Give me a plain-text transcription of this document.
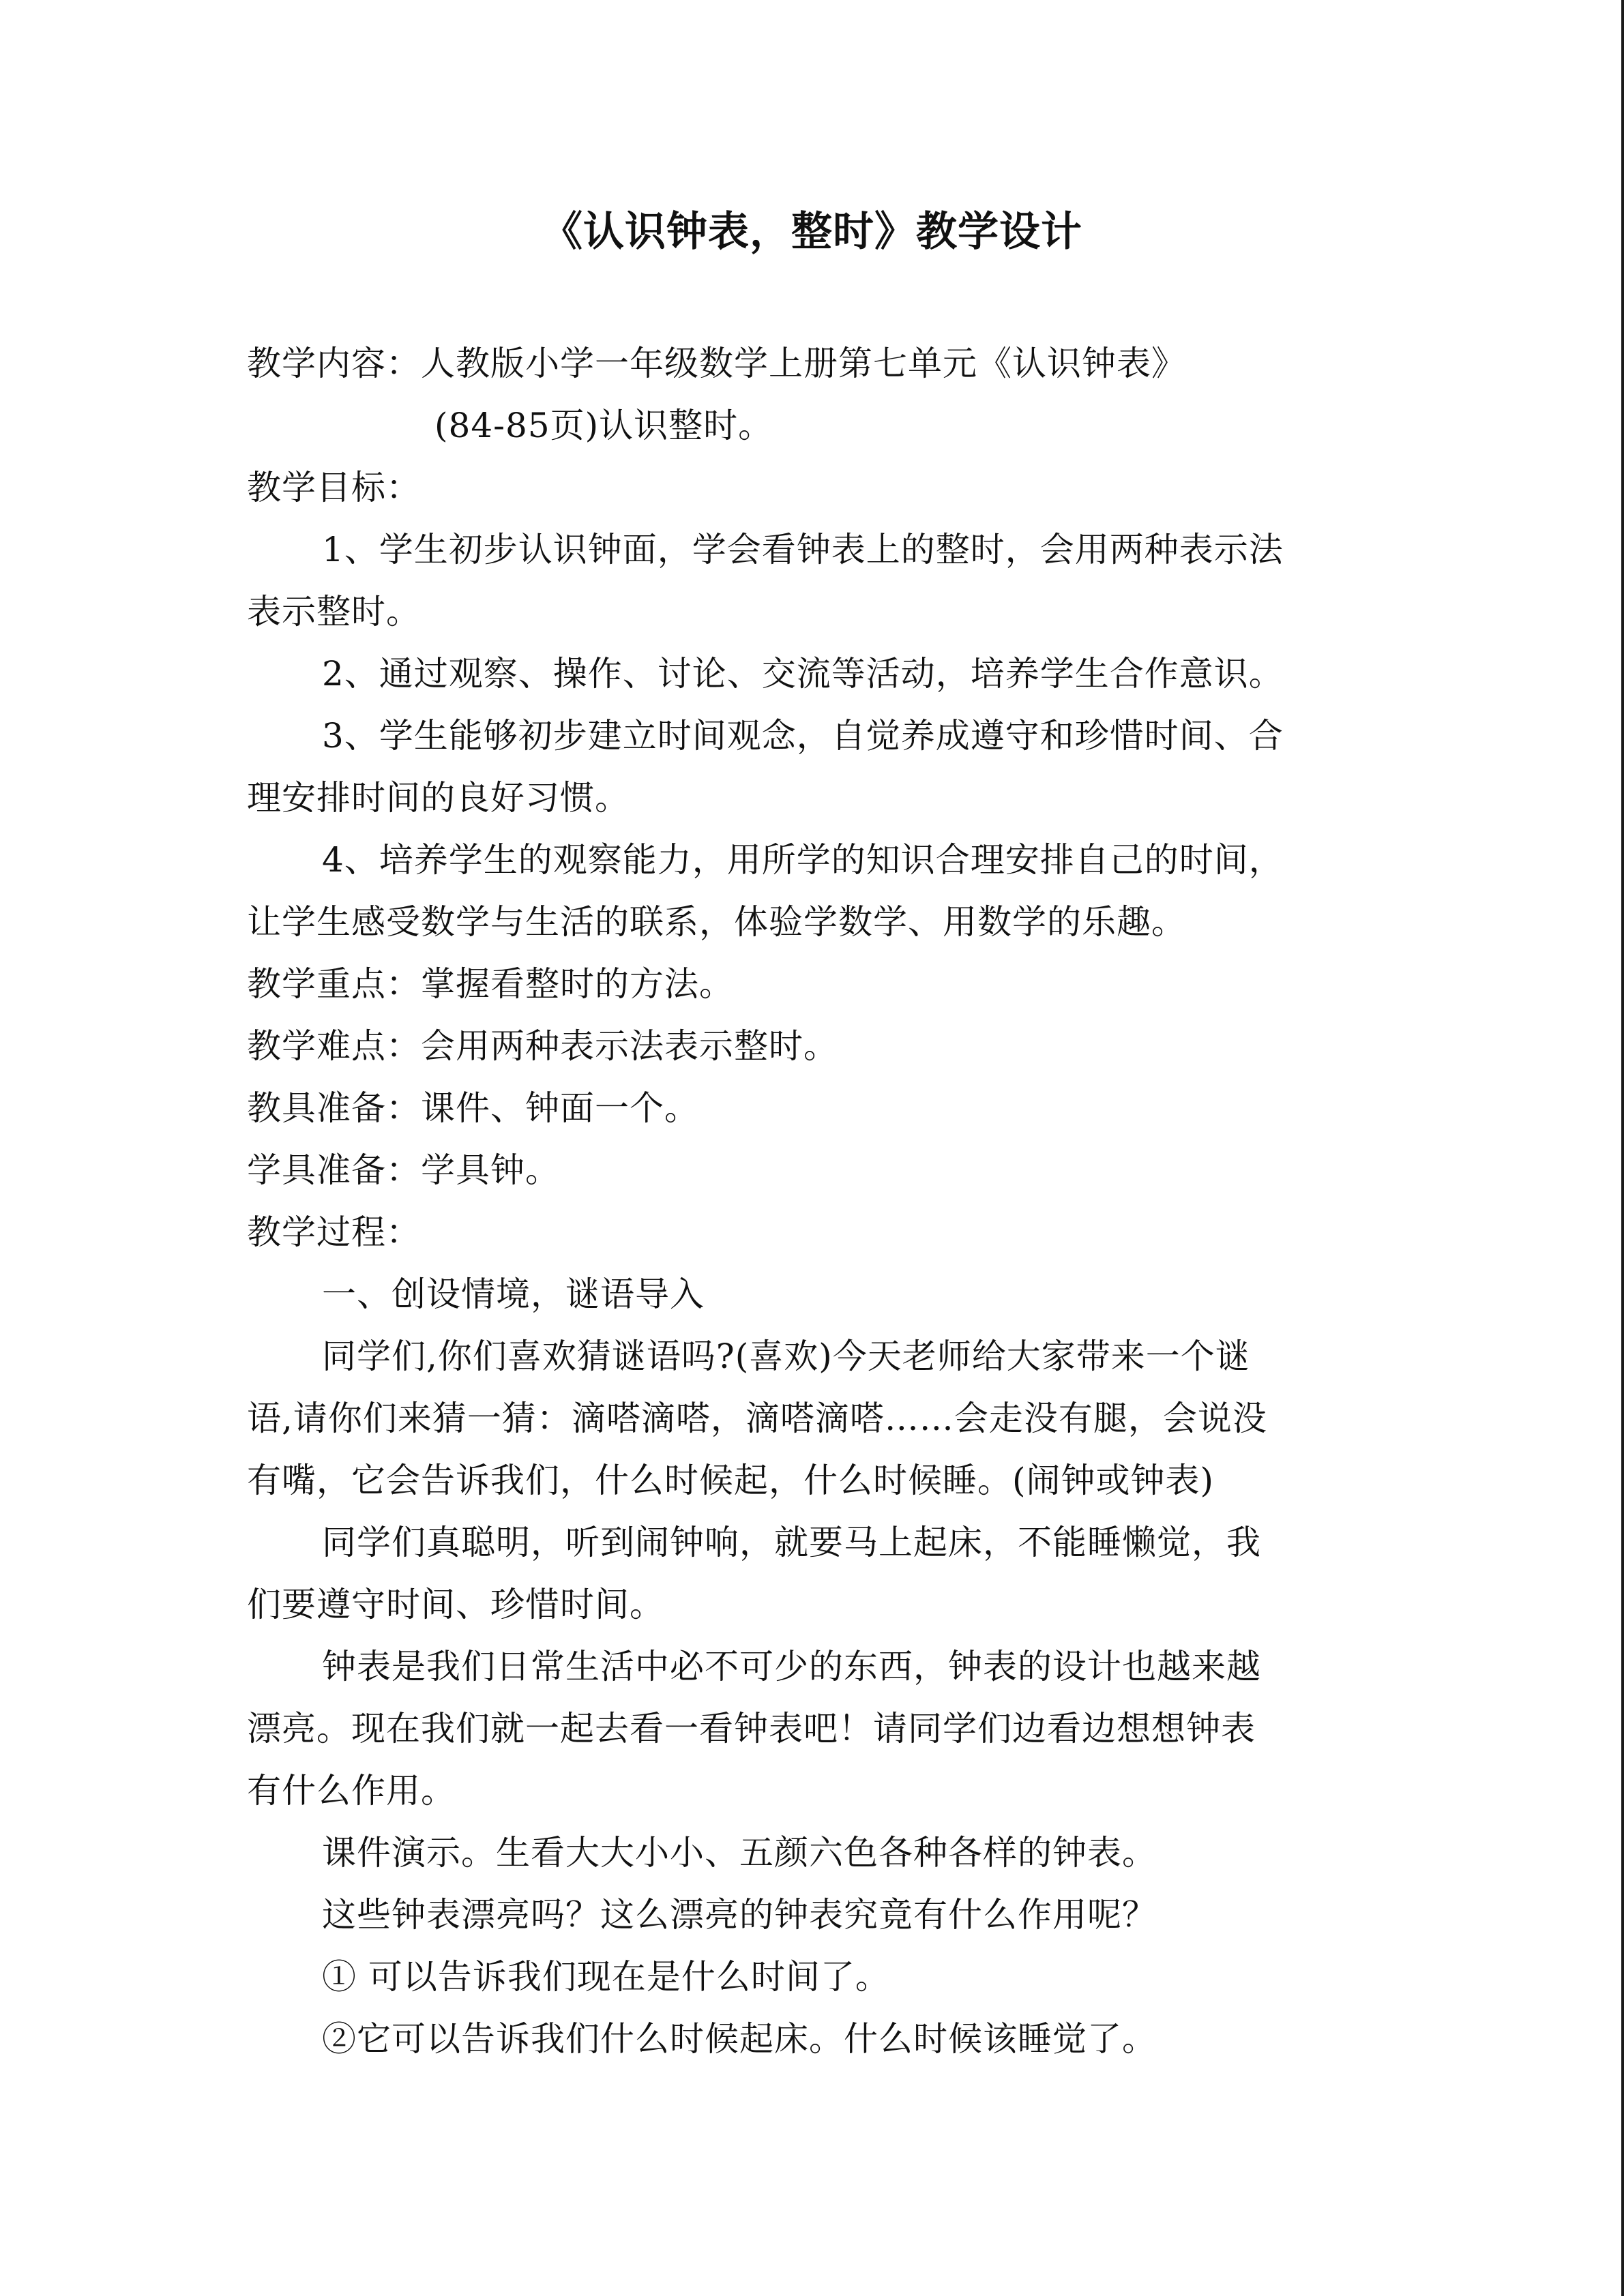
《认识钟表，整时》教学设计
教学内容：人教版小学一年级数学上册第七单元《认识钟表》
(84-85页)认识整时。
教学目标：
1、学生初步认识钟面，学会看钟表上的整时，会用两种表示法
表示整时。
2、通过观察、操作、讨论、交流等活动，培养学生合作意识。
3、学生能够初步建立时间观念，自觉养成遵守和珍惜时间、合
理安排时间的良好习惯。
4、培养学生的观察能力，用所学的知识合理安排自己的时间，
让学生感受数学与生活的联系，体验学数学、用数学的乐趣。
教学重点：掌握看整时的方法。
教学难点：会用两种表示法表示整时。
教具准备：课件、钟面一个。
学具准备：学具钟。
教学过程：
一、创设情境，谜语导入
同学们,你们喜欢猜谜语吗?(喜欢)今天老师给大家带来一个谜
语,请你们来猜一猜：滴嗒滴嗒，滴嗒滴嗒……会走没有腿，会说没
有嘴，它会告诉我们，什么时候起，什么时候睡。(闹钟或钟表)
同学们真聪明，听到闹钟响，就要马上起床，不能睡懒觉，我
们要遵守时间、珍惜时间。
钟表是我们日常生活中必不可少的东西，钟表的设计也越来越
漂亮。现在我们就一起去看一看钟表吧！请同学们边看边想想钟表
有什么作用。
课件演示。生看大大小小、五颜六色各种各样的钟表。
这些钟表漂亮吗？这么漂亮的钟表究竟有什么作用呢？
① 可以告诉我们现在是什么时间了。
②它可以告诉我们什么时候起床。什么时候该睡觉了。
